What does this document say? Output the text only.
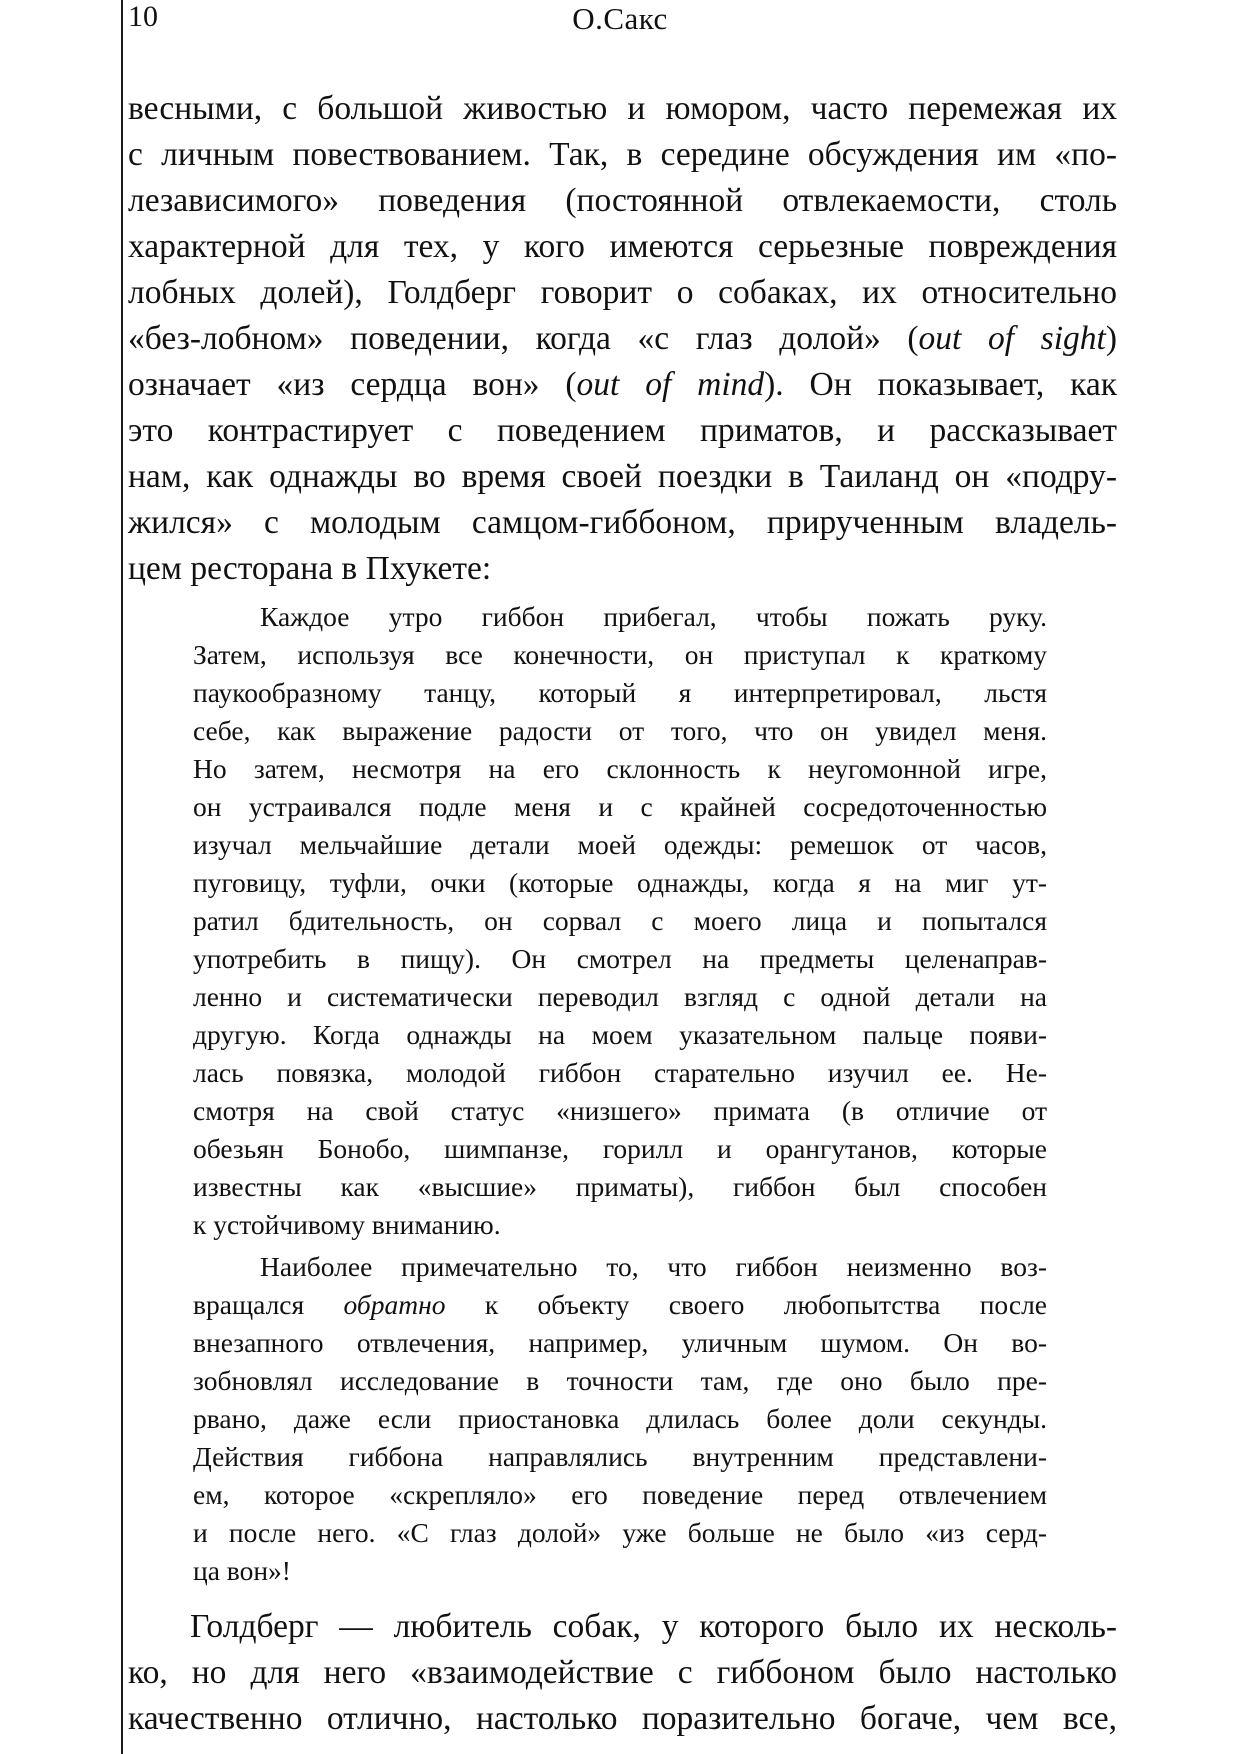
10	О.Сакс

весными, с большой живостью и юмором, часто перемежая их

с личным повествованием. Так, в середине обсуждения им «по-

лезависимого» поведения (постоянной отвлекаемости, столь

характерной для тех, у кого имеются серьезные повреждения

лобных долей), Голдберг говорит о собаках, их относительно

«без-лобном» поведении, когда «с глаз долой» (out of sight)

означает «из сердца вон» (out of mind). Он показывает, как

это контрастирует с поведением приматов, и рассказывает

нам, как однажды во время своей поездки в Таиланд он «подру-

жился» с молодым самцом-гиббоном, прирученным владель-

цем ресторана в Пхукете:

Каждое утро гиббон прибегал, чтобы пожать руку.

Затем, используя все конечности, он приступал к краткому

паукообразному танцу, который я интерпретировал, льстя

себе, как выражение радости от того, что он увидел меня.

Но затем, несмотря на его склонность к неугомонной игре,

он устраивался подле меня и с крайней сосредоточенностью

изучал мельчайшие детали моей одежды: ремешок от часов,

пуговицу, туфли, очки (которые однажды, когда я на миг ут-

ратил бдительность, он сорвал с моего лица и попытался

употребить в пищу). Он смотрел на предметы целенаправ-

ленно и систематически переводил взгляд с одной детали на

другую. Когда однажды на моем указательном пальце появи-

лась повязка, молодой гиббон старательно изучил ее. Не-

смотря на свой статус «низшего» примата (в отличие от

обезьян Бонобо, шимпанзе, горилл и орангутанов, которые

известны как «высшие» приматы), гиббон был способен

к устойчивому вниманию.

Наиболее примечательно то, что гиббон неизменно воз-

вращался обратно к объекту своего любопытства после

внезапного отвлечения, например, уличным шумом. Он во-

зобновлял исследование в точности там, где оно было пре-

рвано, даже если приостановка длилась более доли секунды.

Действия гиббона направлялись внутренним представлени-

ем, которое «скрепляло» его поведение перед отвлечением

и после него. «С глаз долой» уже больше не было «из серд-

ца вон»!

Голдберг — любитель собак, у которого было их несколь-

ко, но для него «взаимодействие с гиббоном было настолько

качественно отлично, настолько поразительно богаче, чем все,
